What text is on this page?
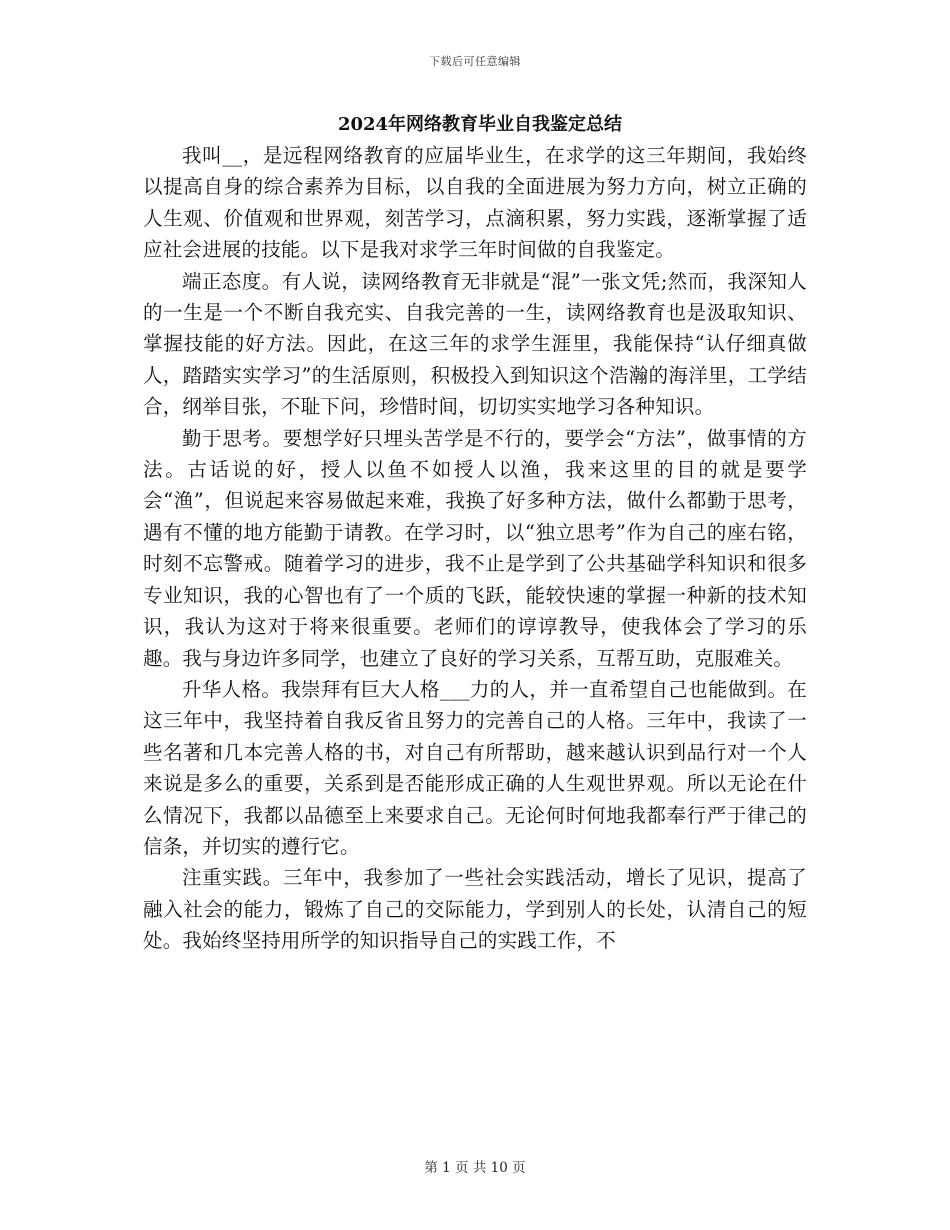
下载后可任意编辑
2024年网络教育毕业自我鉴定总结

我叫__，是远程网络教育的应届毕业生，在求学的这三年期间，我始终以提高自身的综合素养为目标，以自我的全面进展为努力方向，树立正确的人生观、价值观和世界观，刻苦学习，点滴积累，努力实践，逐渐掌握了适应社会进展的技能。以下是我对求学三年时间做的自我鉴定。

端正态度。有人说，读网络教育无非就是“混”一张文凭;然而，我深知人的一生是一个不断自我充实、自我完善的一生，读网络教育也是汲取知识、掌握技能的好方法。因此，在这三年的求学生涯里，我能保持“认仔细真做人，踏踏实实学习”的生活原则，积极投入到知识这个浩瀚的海洋里，工学结合，纲举目张，不耻下问，珍惜时间，切切实实地学习各种知识。

勤于思考。要想学好只埋头苦学是不行的，要学会“方法”，做事情的方法。古话说的好，授人以鱼不如授人以渔，我来这里的目的就是要学会“渔”，但说起来容易做起来难，我换了好多种方法，做什么都勤于思考，遇有不懂的地方能勤于请教。在学习时，以“独立思考”作为自己的座右铭，时刻不忘警戒。随着学习的进步，我不止是学到了公共基础学科知识和很多专业知识，我的心智也有了一个质的飞跃，能较快速的掌握一种新的技术知识，我认为这对于将来很重要。老师们的谆谆教导，使我体会了学习的乐趣。我与身边许多同学，也建立了良好的学习关系，互帮互助，克服难关。

升华人格。我崇拜有巨大人格___力的人，并一直希望自己也能做到。在这三年中，我坚持着自我反省且努力的完善自己的人格。三年中，我读了一些名著和几本完善人格的书，对自己有所帮助，越来越认识到品行对一个人来说是多么的重要，关系到是否能形成正确的人生观世界观。所以无论在什么情况下，我都以品德至上来要求自己。无论何时何地我都奉行严于律己的信条，并切实的遵行它。

注重实践。三年中，我参加了一些社会实践活动，增长了见识，提高了融入社会的能力，锻炼了自己的交际能力，学到别人的长处，认清自己的短处。我始终坚持用所学的知识指导自己的实践工作，不

第 1 页 共 10 页
